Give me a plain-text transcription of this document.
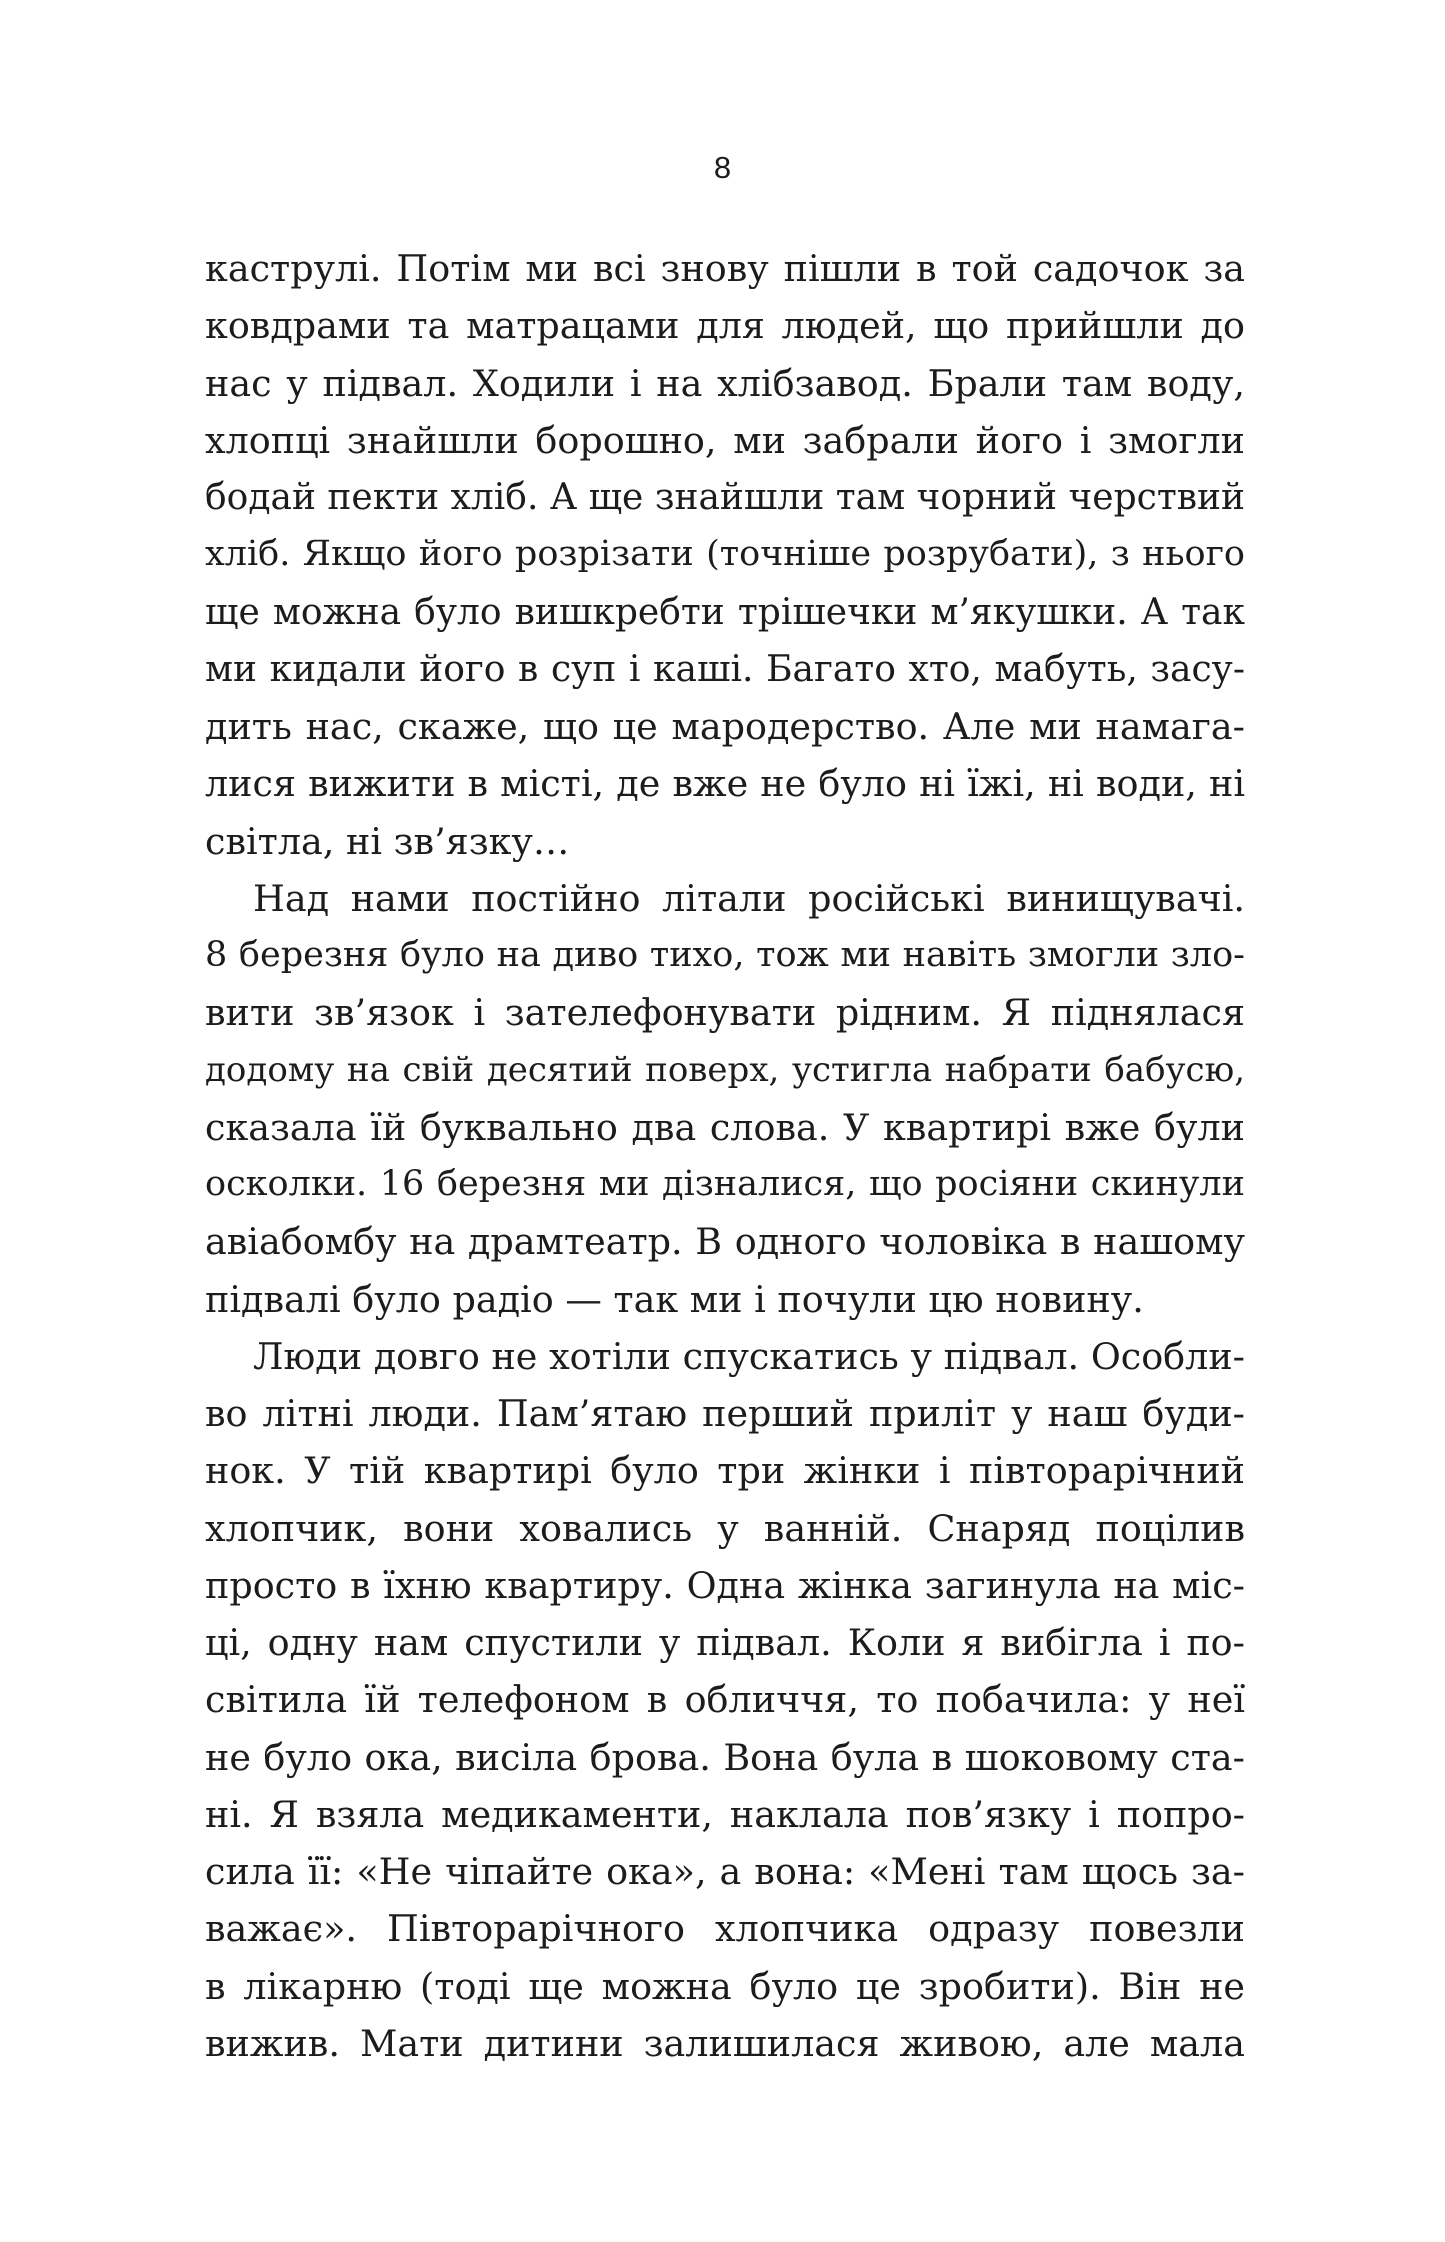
8
каструлі. Потім ми всі знову пішли в той садочок за
ковдрами та матрацами для людей, що прийшли до
нас у підвал. Ходили і на хлібзавод. Брали там воду,
хлопці знайшли борошно, ми забрали його і змогли
бодай пекти хліб. А ще знайшли там чорний черствий
хліб. Якщо його розрізати (точніше розрубати), з нього
ще можна було вишкребти трішечки м’якушки. А так
ми кидали його в суп і каші. Багато хто, мабуть, засу-
дить нас, скаже, що це мародерство. Але ми намага-
лися вижити в місті, де вже не було ні їжі, ні води, ні
світла, ні зв’язку…
Над нами постійно літали російські винищувачі.
8 березня було на диво тихо, тож ми навіть змогли зло-
вити зв’язок і зателефонувати рідним. Я піднялася
додому на свій десятий поверх, устигла набрати бабусю,
сказала їй буквально два слова. У квартирі вже були
осколки. 16 березня ми дізналися, що росіяни скинули
авіабомбу на драмтеатр. В одного чоловіка в нашому
підвалі було радіо — так ми і почули цю новину.
Люди довго не хотіли спускатись у підвал. Особли-
во літні люди. Пам’ятаю перший приліт у наш буди-
нок. У тій квартирі було три жінки і півторарічний
хлопчик, вони ховались у ванній. Снаряд поцілив
просто в їхню квартиру. Одна жінка загинула на міс-
ці, одну нам спустили у підвал. Коли я вибігла і по-
світила їй телефоном в обличчя, то побачила: у неї
не було ока, висіла брова. Вона була в шоковому ста-
ні. Я взяла медикаменти, наклала пов’язку і попро-
сила її: «Не чіпайте ока», а вона: «Мені там щось за-
важає». Півторарічного хлопчика одразу повезли
в лікарню (тоді ще можна було це зробити). Він не
вижив. Мати дитини залишилася живою, але мала
